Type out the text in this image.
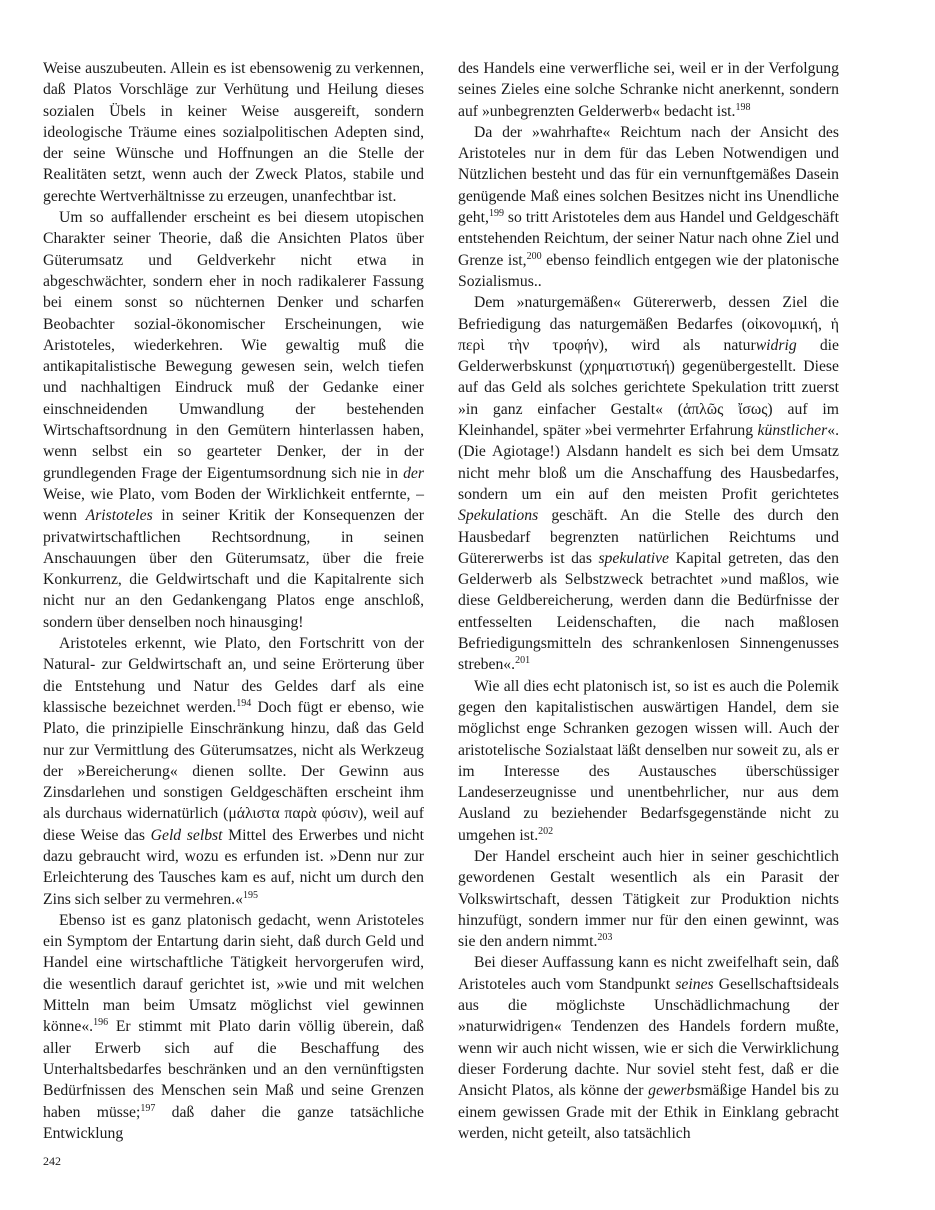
Weise auszubeuten. Allein es ist ebensowenig zu verkennen, daß Platos Vorschläge zur Verhütung und Heilung dieses sozialen Übels in keiner Weise ausgereift, sondern ideologische Träume eines sozialpolitischen Adepten sind, der seine Wünsche und Hoffnungen an die Stelle der Realitäten setzt, wenn auch der Zweck Platos, stabile und gerechte Wertverhältnisse zu erzeugen, unanfechtbar ist.

Um so auffallender erscheint es bei diesem utopischen Charakter seiner Theorie, daß die Ansichten Platos über Güterumsatz und Geldverkehr nicht etwa in abgeschwächter, sondern eher in noch radikalerer Fassung bei einem sonst so nüchternen Denker und scharfen Beobachter sozial-ökonomischer Erscheinungen, wie Aristoteles, wiederkehren. Wie gewaltig muß die antikapitalistische Bewegung gewesen sein, welch tiefen und nachhaltigen Eindruck muß der Gedanke einer einschneidenden Umwandlung der bestehenden Wirtschaftsordnung in den Gemütern hinterlassen haben, wenn selbst ein so gearteter Denker, der in der grundlegenden Frage der Eigentumsordnung sich nie in der Weise, wie Plato, vom Boden der Wirklichkeit entfernte, – wenn Aristoteles in seiner Kritik der Konsequenzen der privatwirtschaftlichen Rechtsordnung, in seinen Anschauungen über den Güterumsatz, über die freie Konkurrenz, die Geldwirtschaft und die Kapitalrente sich nicht nur an den Gedankengang Platos enge anschloß, sondern über denselben noch hinausging!

Aristoteles erkennt, wie Plato, den Fortschritt von der Natural- zur Geldwirtschaft an, und seine Erörterung über die Entstehung und Natur des Geldes darf als eine klassische bezeichnet werden.$^{194}$ Doch fügt er ebenso, wie Plato, die prinzipielle Einschränkung hinzu, daß das Geld nur zur Vermittlung des Güterumsatzes, nicht als Werkzeug der »Bereicherung« dienen sollte. Der Gewinn aus Zinsdarlehen und sonstigen Geldgeschäften erscheint ihm als durchaus widernatürlich (μάλιστα παρὰ φύσιν), weil auf diese Weise das Geld selbst Mittel des Erwerbes und nicht dazu gebraucht wird, wozu es erfunden ist. »Denn nur zur Erleichterung des Tausches kam es auf, nicht um durch den Zins sich selber zu vermehren.«$^{195}$

Ebenso ist es ganz platonisch gedacht, wenn Aristoteles ein Symptom der Entartung darin sieht, daß durch Geld und Handel eine wirtschaftliche Tätigkeit hervorgerufen wird, die wesentlich darauf gerichtet ist, »wie und mit welchen Mitteln man beim Umsatz möglichst viel gewinnen könne«.$^{196}$ Er stimmt mit Plato darin völlig überein, daß aller Erwerb sich auf die Beschaffung des Unterhaltsbedarfes beschränken und an den vernünftigsten Bedürfnissen des Menschen sein Maß und seine Grenzen haben müsse;$^{197}$ daß daher die ganze tatsächliche Entwicklung

des Handels eine verwerfliche sei, weil er in der Verfolgung seines Zieles eine solche Schranke nicht anerkennt, sondern auf »unbegrenzten Gelderwerb« bedacht ist.$^{198}$

Da der »wahrhafte« Reichtum nach der Ansicht des Aristoteles nur in dem für das Leben Notwendigen und Nützlichen besteht und das für ein vernunftgemäßes Dasein genügende Maß eines solchen Besitzes nicht ins Unendliche geht,$^{199}$ so tritt Aristoteles dem aus Handel und Geldgeschäft entstehenden Reichtum, der seiner Natur nach ohne Ziel und Grenze ist,$^{200}$ ebenso feindlich entgegen wie der platonische Sozialismus..

Dem »naturgemäßen« Gütererwerb, dessen Ziel die Befriedigung das naturgemäßen Bedarfes (οἰκονομική, ἡ περὶ τὴν τροφήν), wird als naturwidrig die Gelderwerbskunst (χρηματιστική) gegenübergestellt. Diese auf das Geld als solches gerichtete Spekulation tritt zuerst »in ganz einfacher Gestalt« (ἁπλῶς ἴσως) auf im Kleinhandel, später »bei vermehrter Erfahrung künstlicher«. (Die Agiotage!) Alsdann handelt es sich bei dem Umsatz nicht mehr bloß um die Anschaffung des Hausbedarfes, sondern um ein auf den meisten Profit gerichtetes Spekulations geschäft. An die Stelle des durch den Hausbedarf begrenzten natürlichen Reichtums und Gütererwerbs ist das spekulative Kapital getreten, das den Gelderwerb als Selbstzweck betrachtet »und maßlos, wie diese Geldbereicherung, werden dann die Bedürfnisse der entfesselten Leidenschaften, die nach maßlosen Befriedigungsmitteln des schrankenlosen Sinnengenusses streben«.$^{201}$

Wie all dies echt platonisch ist, so ist es auch die Polemik gegen den kapitalistischen auswärtigen Handel, dem sie möglichst enge Schranken gezogen wissen will. Auch der aristotelische Sozialstaat läßt denselben nur soweit zu, als er im Interesse des Austausches überschüssiger Landeserzeugnisse und unentbehrlicher, nur aus dem Ausland zu beziehender Bedarfsgegenstände nicht zu umgehen ist.$^{202}$

Der Handel erscheint auch hier in seiner geschichtlich gewordenen Gestalt wesentlich als ein Parasit der Volkswirtschaft, dessen Tätigkeit zur Produktion nichts hinzufügt, sondern immer nur für den einen gewinnt, was sie den andern nimmt.$^{203}$

Bei dieser Auffassung kann es nicht zweifelhaft sein, daß Aristoteles auch vom Standpunkt seines Gesellschaftsideals aus die möglichste Unschädlichmachung der »naturwidrigen« Tendenzen des Handels fordern mußte, wenn wir auch nicht wissen, wie er sich die Verwirklichung dieser Forderung dachte. Nur soviel steht fest, daß er die Ansicht Platos, als könne der gewerbsmäßige Handel bis zu einem gewissen Grade mit der Ethik in Einklang gebracht werden, nicht geteilt, also tatsächlich

242
